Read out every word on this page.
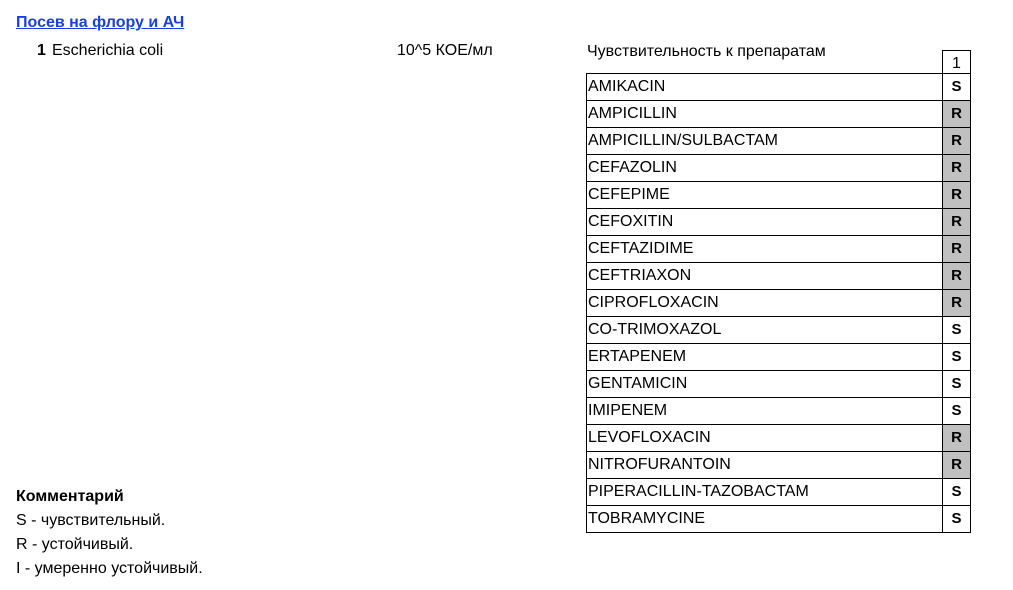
Посев на флору и АЧ
1 Escherichia coli	10^5 КОЕ/мл	Чувствительность к препаратам
1
AMIKACIN	S
AMPICILLIN	R
AMPICILLIN/SULBACTAM	R
CEFAZOLIN	R
CEFEPIME	R
CEFOXITIN	R
CEFTAZIDIME	R
CEFTRIAXON	R
CIPROFLOXACIN	R
CO-TRIMOXAZOL	S
ERTAPENEM	S
GENTAMICIN	S
IMIPENEM	S
LEVOFLOXACIN	R
NITROFURANTOIN	R
PIPERACILLIN-TAZOBACTAM	S
TOBRAMYCINE	S
Комментарий
S - чувствительный.
R - устойчивый.
I - умеренно устойчивый.
